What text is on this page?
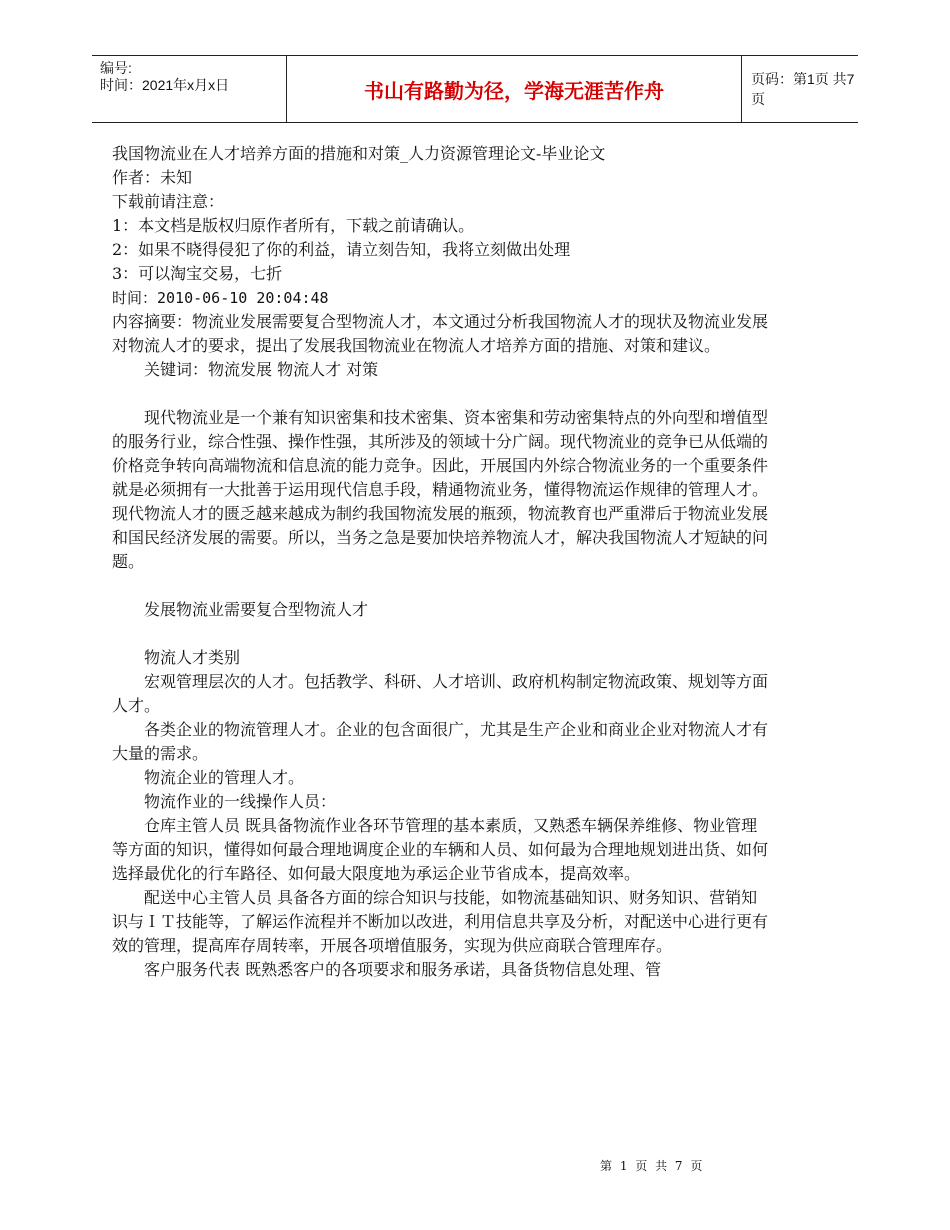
编号:
时间：2021年x月x日	书山有路勤为径，学海无涯苦作舟	页码：第1页 共7页

我国物流业在人才培养方面的措施和对策_人力资源管理论文-毕业论文

作者：未知

下载前请注意：

1：本文档是版权归原作者所有，下载之前请确认。

2：如果不晓得侵犯了你的利益，请立刻告知，我将立刻做出处理

3：可以淘宝交易，七折

时间：2010-06-10 20:04:48

内容摘要：物流业发展需要复合型物流人才，本文通过分析我国物流人才的现状及物流业发展对物流人才的要求，提出了发展我国物流业在物流人才培养方面的措施、对策和建议。

关键词：物流发展 物流人才 对策

现代物流业是一个兼有知识密集和技术密集、资本密集和劳动密集特点的外向型和增值型的服务行业，综合性强、操作性强，其所涉及的领域十分广阔。现代物流业的竞争已从低端的价格竞争转向高端物流和信息流的能力竞争。因此，开展国内外综合物流业务的一个重要条件就是必须拥有一大批善于运用现代信息手段，精通物流业务，懂得物流运作规律的管理人才。现代物流人才的匮乏越来越成为制约我国物流发展的瓶颈，物流教育也严重滞后于物流业发展和国民经济发展的需要。所以，当务之急是要加快培养物流人才，解决我国物流人才短缺的问题。

发展物流业需要复合型物流人才

物流人才类别

宏观管理层次的人才。包括教学、科研、人才培训、政府机构制定物流政策、规划等方面人才。

各类企业的物流管理人才。企业的包含面很广，尤其是生产企业和商业企业对物流人才有大量的需求。

物流企业的管理人才。

物流作业的一线操作人员：

仓库主管人员 既具备物流作业各环节管理的基本素质，又熟悉车辆保养维修、物业管理等方面的知识，懂得如何最合理地调度企业的车辆和人员、如何最为合理地规划进出货、如何选择最优化的行车路径、如何最大限度地为承运企业节省成本，提高效率。

配送中心主管人员 具备各方面的综合知识与技能，如物流基础知识、财务知识、营销知识与ＩＴ技能等，了解运作流程并不断加以改进，利用信息共享及分析，对配送中心进行更有效的管理，提高库存周转率，开展各项增值服务，实现为供应商联合管理库存。

客户服务代表 既熟悉客户的各项要求和服务承诺，具备货物信息处理、管

第 1 页 共 7 页
